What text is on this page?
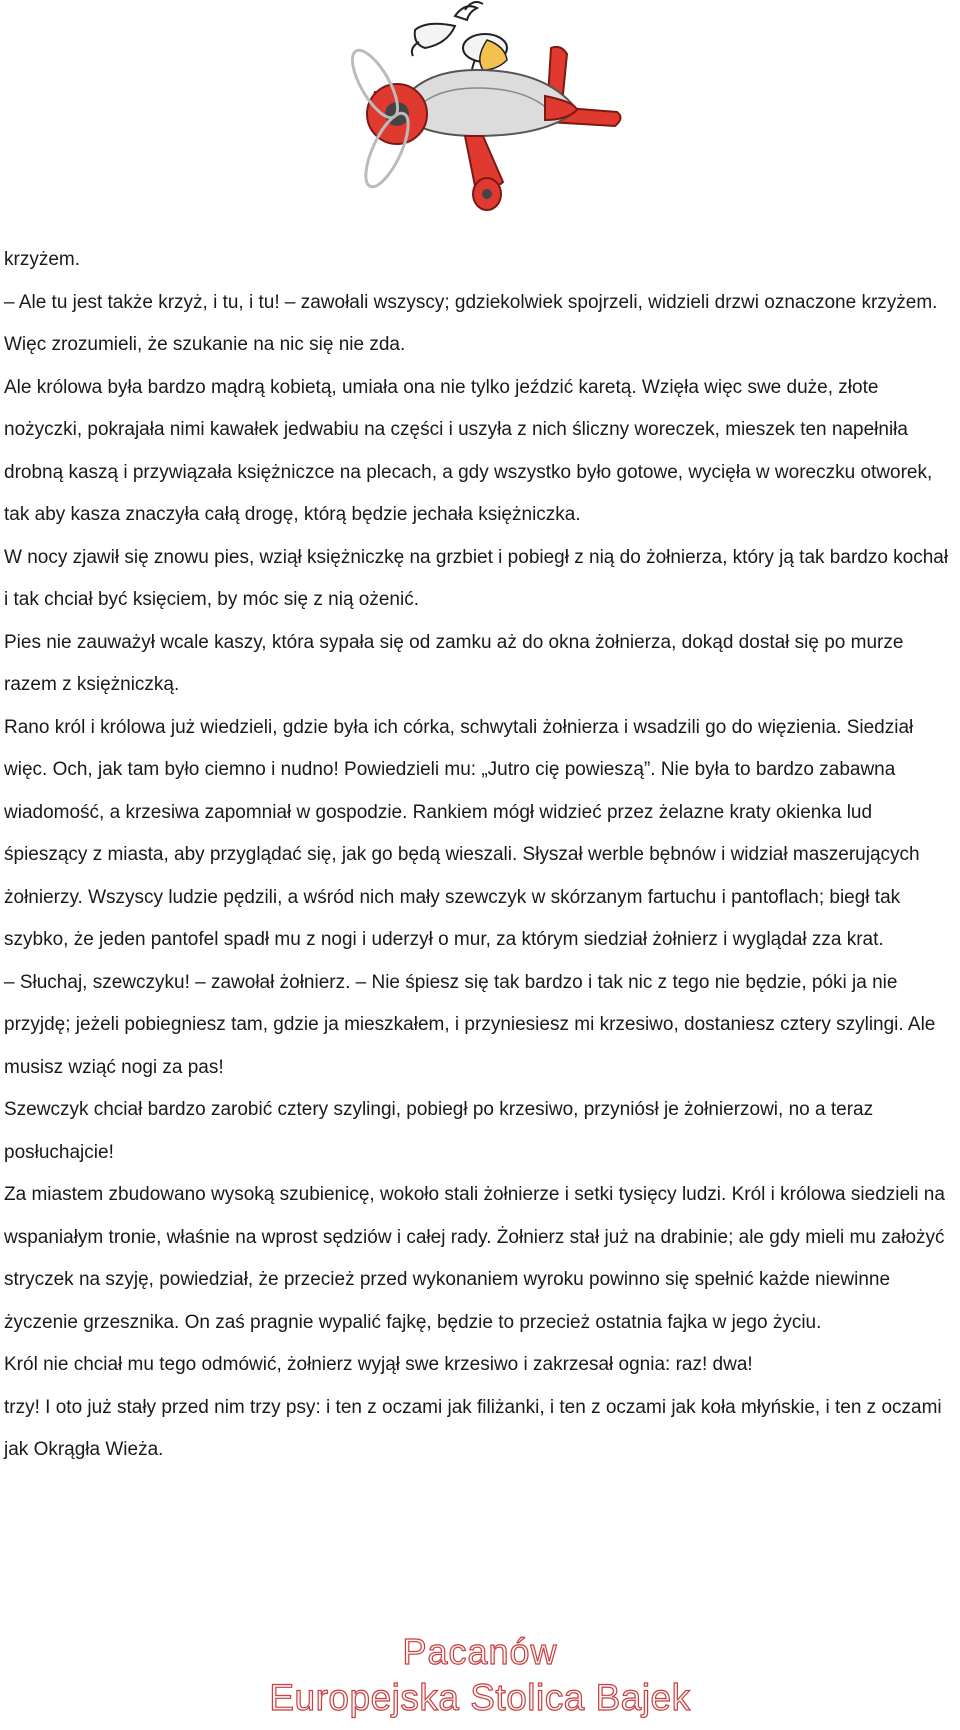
krzyżem.

– Ale tu jest także krzyż, i tu, i tu! – zawołali wszyscy; gdziekolwiek spojrzeli, widzieli drzwi oznaczone krzyżem. Więc zrozumieli, że szukanie na nic się nie zda.

Ale królowa była bardzo mądrą kobietą, umiała ona nie tylko jeździć karetą. Wzięła więc swe duże, złote nożyczki, pokrajała nimi kawałek jedwabiu na części i uszyła z nich śliczny woreczek, mieszek ten napełniła drobną kaszą i przywiązała księżniczce na plecach, a gdy wszystko było gotowe, wycięła w woreczku otworek, tak aby kasza znaczyła całą drogę, którą będzie jechała księżniczka.

W nocy zjawił się znowu pies, wziął księżniczkę na grzbiet i pobiegł z nią do żołnierza, który ją tak bardzo kochał i tak chciał być księciem, by móc się z nią ożenić.

Pies nie zauważył wcale kaszy, która sypała się od zamku aż do okna żołnierza, dokąd dostał się po murze razem z księżniczką.

Rano król i królowa już wiedzieli, gdzie była ich córka, schwytali żołnierza i wsadzili go do więzienia. Siedział więc. Och, jak tam było ciemno i nudno! Powiedzieli mu: „Jutro cię powieszą”. Nie była to bardzo zabawna wiadomość, a krzesiwa zapomniał w gospodzie. Rankiem mógł widzieć przez żelazne kraty okienka lud śpieszący z miasta, aby przyglądać się, jak go będą wieszali. Słyszał werble bębnów i widział maszerujących żołnierzy. Wszyscy ludzie pędzili, a wśród nich mały szewczyk w skórzanym fartuchu i pantoflach; biegł tak szybko, że jeden pantofel spadł mu z nogi i uderzył o mur, za którym siedział żołnierz i wyglądał zza krat.

– Słuchaj, szewczyku! – zawołał żołnierz. – Nie śpiesz się tak bardzo i tak nic z tego nie będzie, póki ja nie przyjdę; jeżeli pobiegniesz tam, gdzie ja mieszkałem, i przyniesiesz mi krzesiwo, dostaniesz cztery szylingi. Ale musisz wziąć nogi za pas!

Szewczyk chciał bardzo zarobić cztery szylingi, pobiegł po krzesiwo, przyniósł je żołnierzowi, no a teraz posłuchajcie!

Za miastem zbudowano wysoką szubienicę, wokoło stali żołnierze i setki tysięcy ludzi. Król i królowa siedzieli na wspaniałym tronie, właśnie na wprost sędziów i całej rady. Żołnierz stał już na drabinie; ale gdy mieli mu założyć stryczek na szyję, powiedział, że przecież przed wykonaniem wyroku powinno się spełnić każde niewinne życzenie grzesznika. On zaś pragnie wypalić fajkę, będzie to przecież ostatnia fajka w jego życiu.

Król nie chciał mu tego odmówić, żołnierz wyjął swe krzesiwo i zakrzesał ognia: raz! dwa!

trzy! I oto już stały przed nim trzy psy: i ten z oczami jak filiżanki, i ten z oczami jak koła młyńskie, i ten z oczami jak Okrągła Wieża.

Pacanów
Europejska Stolica Bajek
